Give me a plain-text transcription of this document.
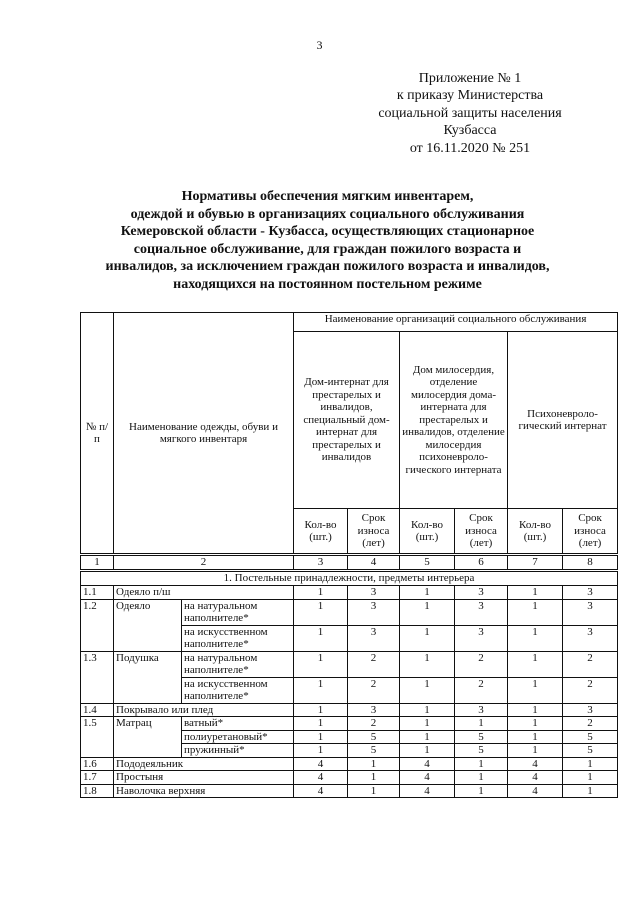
3
Приложение № 1
к приказу Министерства
социальной защиты населения
Кузбасса
от 16.11.2020 № 251
Нормативы обеспечения мягким инвентарем,
одеждой и обувью в организациях социального обслуживания
Кемеровской области - Кузбасса, осуществляющих стационарное
социальное обслуживание, для граждан пожилого возраста и
инвалидов, за исключением граждан пожилого возраста и инвалидов,
находящихся на постоянном постельном режиме
№ п/п	Наименование одежды, обуви и мягкого инвентаря		Наименование организаций социального обслуживания					
			Дом-интернат для престарелых и инвалидов, специальный дом-интернат для престарелых и инвалидов		Дом милосердия, отделение милосердия дома-интерната для престарелых и инвалидов, отделение милосердия психоневроло-гического интерната		Психоневроло-гический интернат	
			Кол-во (шт.)	Срок износа (лет)	Кол-во (шт.)	Срок износа (лет)	Кол-во (шт.)	Срок износа (лет)
1	2		3	4	5	6	7	8
1. Постельные принадлежности, предметы интерьера								
1.1	Одеяло п/ш		1	3	1	3	1	3
1.2	Одеяло	на натуральном наполнителе*	1	3	1	3	1	3
		на искусственном наполнителе*	1	3	1	3	1	3
1.3	Подушка	на натуральном наполнителе*	1	2	1	2	1	2
		на искусственном наполнителе*	1	2	1	2	1	2
1.4	Покрывало или плед		1	3	1	3	1	3
1.5	Матрац	ватный*	1	2	1	1	1	2
		полиуретановый*	1	5	1	5	1	5
		пружинный*	1	5	1	5	1	5
1.6	Пододеяльник		4	1	4	1	4	1
1.7	Простыня		4	1	4	1	4	1
1.8	Наволочка верхняя		4	1	4	1	4	1
